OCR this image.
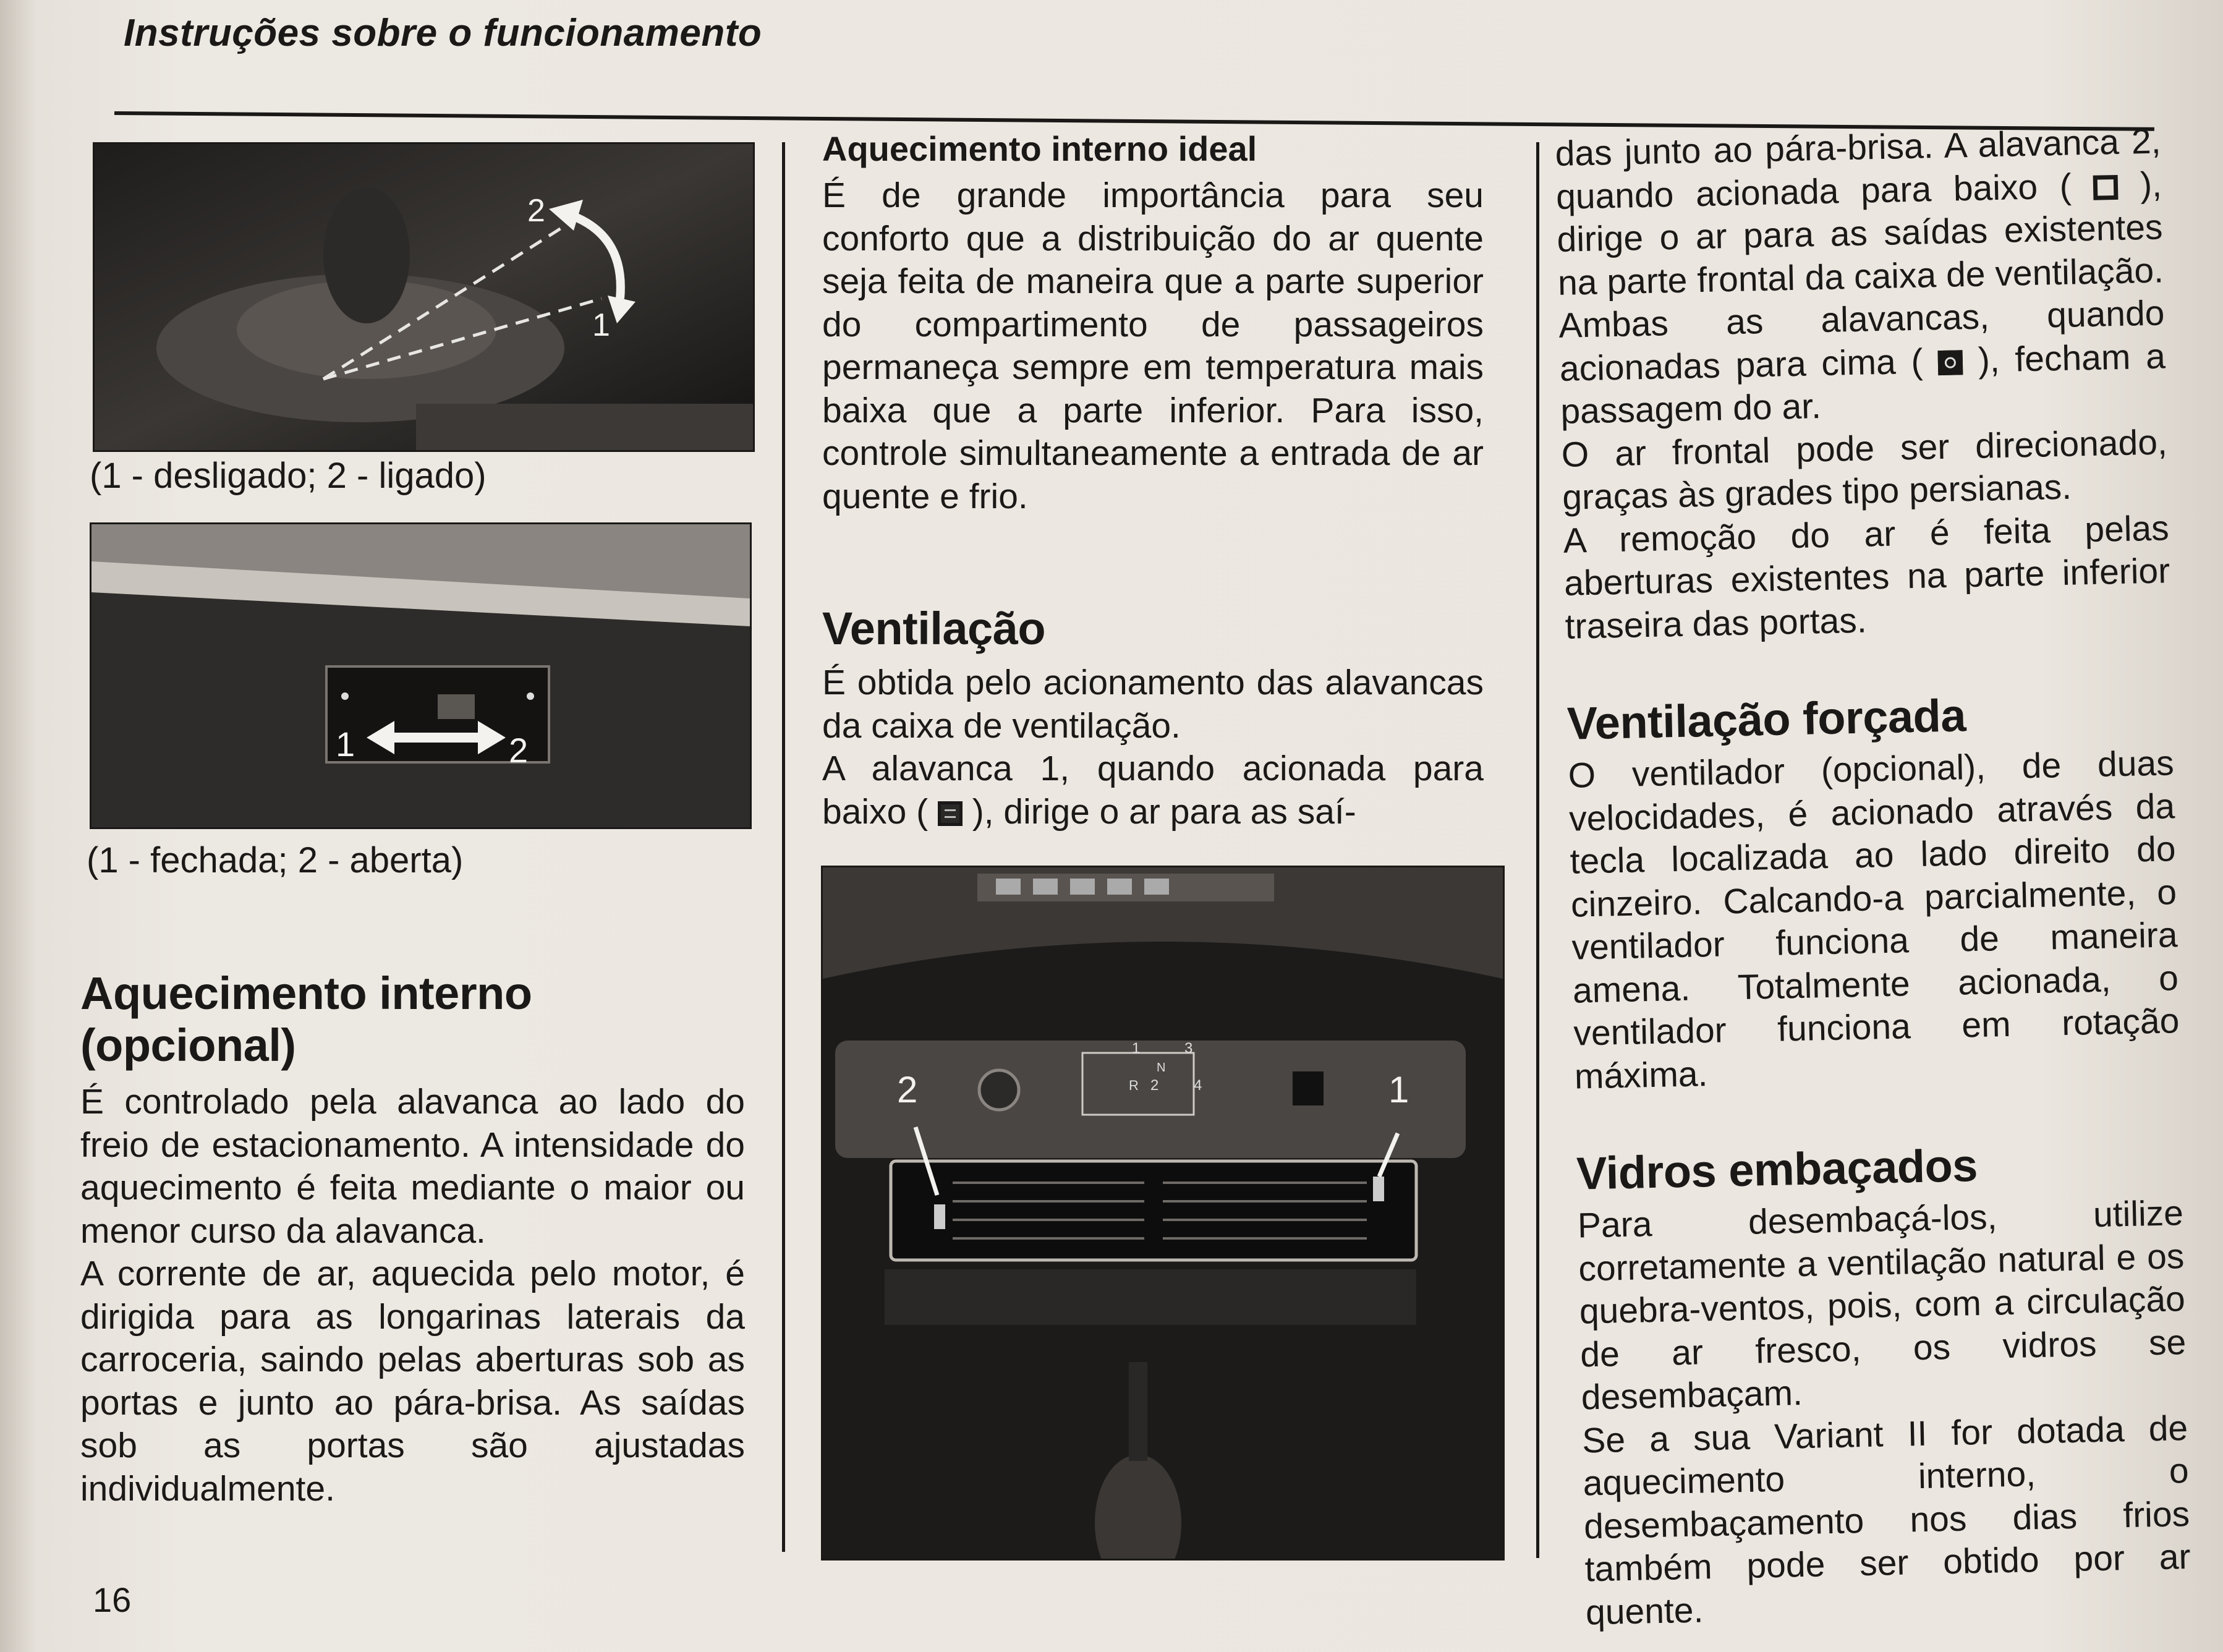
Instruções sobre o funcionamento
2
1
(1 - desligado; 2 - ligado)
1	2
(1 - fechada; 2 - aberta)
Aquecimento interno
(opcional)

É controlado pela alavanca ao lado do freio de estacionamento. A intensidade do aquecimento é feita mediante o maior ou menor curso da alavanca.

A corrente de ar, aquecida pelo motor, é dirigida para as longarinas laterais da carroceria, saindo pelas aberturas sob as portas e junto ao pára-brisa. As saídas sob as portas são ajustadas individualmente.

Aquecimento interno ideal
É de grande importância para seu conforto que a distribuição do ar quente seja feita de maneira que a parte superior do compartimento de passageiros permaneça sempre em temperatura mais baixa que a parte inferior. Para isso, controle simultaneamente a entrada de ar quente e frio.
Ventilação

É obtida pelo acionamento das alavancas da caixa de ventilação.

A alavanca 1, quando acionada para baixo ( ), dirige o ar para as saí-

1	3
N
R 2 4
2	1

das junto ao pára-brisa. A alavanca 2, quando acionada para baixo ( ), dirige o ar para as saídas existentes na parte frontal da caixa de ventilação. Ambas as alavancas, quando acionadas para cima ( ), fecham a passagem do ar.

O ar frontal pode ser direcionado, graças às grades tipo persianas.

A remoção do ar é feita pelas aberturas existentes na parte inferior traseira das portas.

Ventilação forçada
O ventilador (opcional), de duas velocidades, é acionado através da tecla localizada ao lado direito do cinzeiro. Calcando-a parcialmente, o ventilador funciona de maneira amena. Totalmente acionada, o ventilador funciona em rotação máxima.
Vidros embaçados

Para desembaçá-los, utilize corretamente a ventilação natural e os quebra-ventos, pois, com a circulação de ar fresco, os vidros se desembaçam.

Se a sua Variant II for dotada de aquecimento interno, o desembaçamento nos dias frios também pode ser obtido por ar quente.

16
